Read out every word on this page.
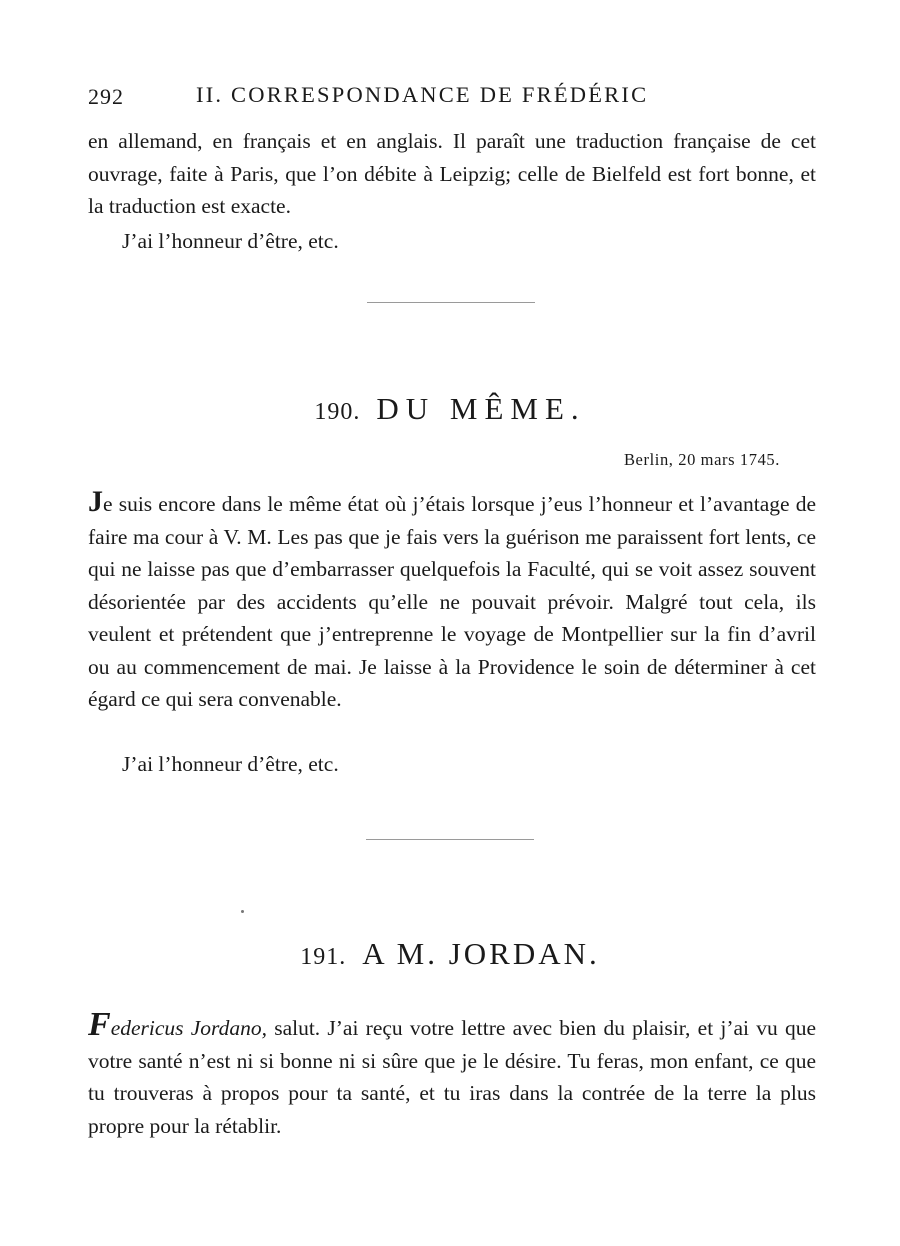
292	II. CORRESPONDANCE DE FRÉDÉRIC

en allemand, en français et en anglais. Il paraît une traduction française de cet ouvrage, faite à Paris, que l’on débite à Leipzig; celle de Bielfeld est fort bonne, et la traduction est exacte.

J’ai l’honneur d’être, etc.
190. DU MÊME.
Berlin, 20 mars 1745.

Je suis encore dans le même état où j’étais lorsque j’eus l’honneur et l’avantage de faire ma cour à V. M. Les pas que je fais vers la guérison me paraissent fort lents, ce qui ne laisse pas que d’embarrasser quelquefois la Faculté, qui se voit assez souvent désorientée par des accidents qu’elle ne pouvait prévoir. Malgré tout cela, ils veulent et prétendent que j’entreprenne le voyage de Montpellier sur la fin d’avril ou au commencement de mai. Je laisse à la Providence le soin de déterminer à cet égard ce qui sera convenable.

J’ai l’honneur d’être, etc.
191. A M. JORDAN.

Federicus Jordano, salut. J’ai reçu votre lettre avec bien du plaisir, et j’ai vu que votre santé n’est ni si bonne ni si sûre que je le désire. Tu feras, mon enfant, ce que tu trouveras à propos pour ta santé, et tu iras dans la contrée de la terre la plus propre pour la rétablir.
